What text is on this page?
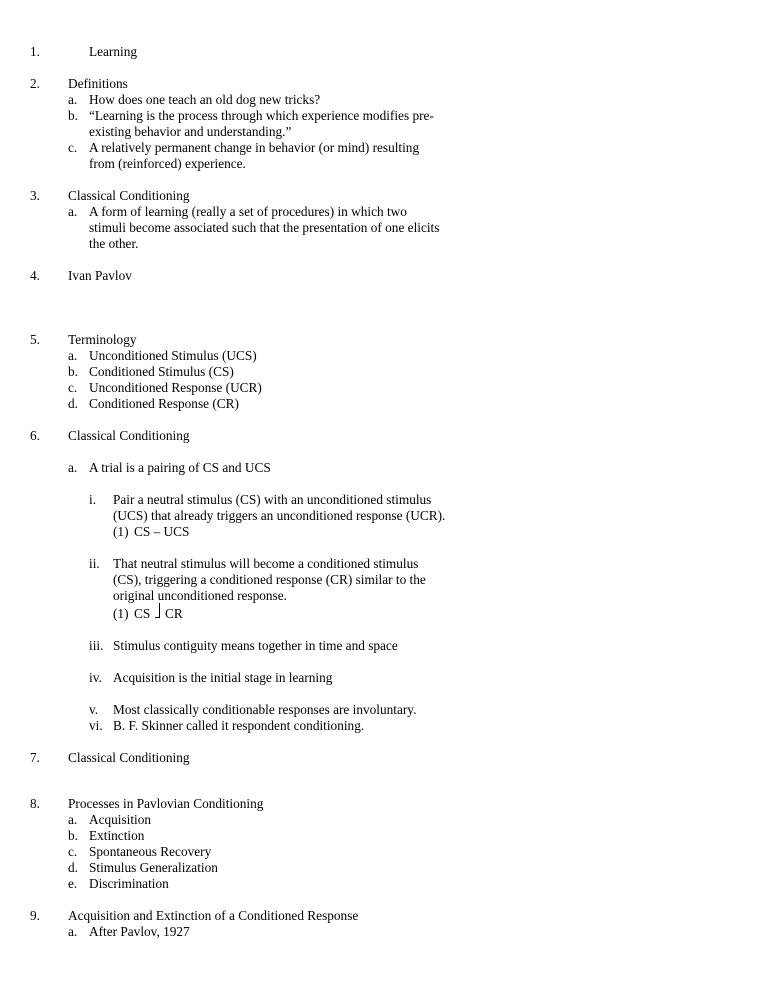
1.	Learning
2. Definitions
a. How does one teach an old dog new tricks?
b. “Learning is the process through which experience modifies pre-
existing behavior and understanding.”
c. A relatively permanent change in behavior (or mind) resulting
from (reinforced) experience.
3. Classical Conditioning
a. A form of learning (really a set of procedures) in which two
stimuli become associated such that the presentation of one elicits
the other.
4. Ivan Pavlov
5. Terminology
a. Unconditioned Stimulus (UCS)
b. Conditioned Stimulus (CS)
c. Unconditioned Response (UCR)
d. Conditioned Response (CR)
6. Classical Conditioning
a. A trial is a pairing of CS and UCS
i. Pair a neutral stimulus (CS) with an unconditioned stimulus
(UCS) that already triggers an unconditioned response (UCR).
(1) CS – UCS
ii. That neutral stimulus will become a conditioned stimulus
(CS), triggering a conditioned response (CR) similar to the
original unconditioned response.
(1) CS CR
iii. Stimulus contiguity means together in time and space
iv. Acquisition is the initial stage in learning
v. Most classically conditionable responses are involuntary.
vi. B. F. Skinner called it respondent conditioning.
7. Classical Conditioning
8. Processes in Pavlovian Conditioning
a. Acquisition
b. Extinction
c. Spontaneous Recovery
d. Stimulus Generalization
e. Discrimination
9. Acquisition and Extinction of a Conditioned Response
a. After Pavlov, 1927
